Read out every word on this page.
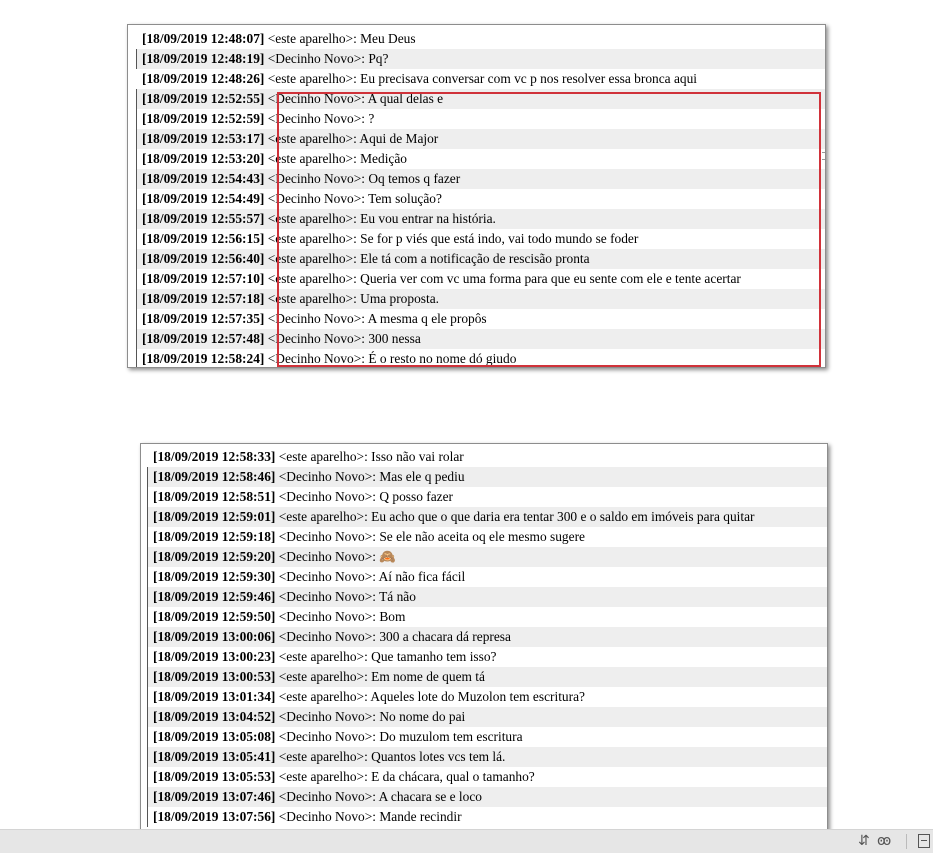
[18/09/2019 12:48:07] <este aparelho>: Meu Deus
[18/09/2019 12:48:19] <Decinho Novo>: Pq?
[18/09/2019 12:48:26] <este aparelho>: Eu precisava conversar com vc p nos resolver essa bronca aqui
[18/09/2019 12:52:55] <Decinho Novo>: A qual delas e
[18/09/2019 12:52:59] <Decinho Novo>: ?
[18/09/2019 12:53:17] <este aparelho>: Aqui de Major
[18/09/2019 12:53:20] <este aparelho>: Medição
[18/09/2019 12:54:43] <Decinho Novo>: Oq temos q fazer
[18/09/2019 12:54:49] <Decinho Novo>: Tem solução?
[18/09/2019 12:55:57] <este aparelho>: Eu vou entrar na história.
[18/09/2019 12:56:15] <este aparelho>: Se for p viés que está indo, vai todo mundo se foder
[18/09/2019 12:56:40] <este aparelho>: Ele tá com a notificação de rescisão pronta
[18/09/2019 12:57:10] <este aparelho>: Queria ver com vc uma forma para que eu sente com ele e tente acertar
[18/09/2019 12:57:18] <este aparelho>: Uma proposta.
[18/09/2019 12:57:35] <Decinho Novo>: A mesma q ele propôs
[18/09/2019 12:57:48] <Decinho Novo>: 300 nessa
[18/09/2019 12:58:24] <Decinho Novo>: É o resto no nome dó giudo
[18/09/2019 12:58:33] <este aparelho>: Isso não vai rolar
[18/09/2019 12:58:46] <Decinho Novo>: Mas ele q pediu
[18/09/2019 12:58:51] <Decinho Novo>: Q posso fazer
[18/09/2019 12:59:01] <este aparelho>: Eu acho que o que daria era tentar 300 e o saldo em imóveis para quitar
[18/09/2019 12:59:18] <Decinho Novo>: Se ele não aceita oq ele mesmo sugere
[18/09/2019 12:59:20] <Decinho Novo>: 🙈
[18/09/2019 12:59:30] <Decinho Novo>: Aí não fica fácil
[18/09/2019 12:59:46] <Decinho Novo>: Tá não
[18/09/2019 12:59:50] <Decinho Novo>: Bom
[18/09/2019 13:00:06] <Decinho Novo>: 300 a chacara dá represa
[18/09/2019 13:00:23] <este aparelho>: Que tamanho tem isso?
[18/09/2019 13:00:53] <este aparelho>: Em nome de quem tá
[18/09/2019 13:01:34] <este aparelho>: Aqueles lote do Muzolon tem escritura?
[18/09/2019 13:04:52] <Decinho Novo>: No nome do pai
[18/09/2019 13:05:08] <Decinho Novo>: Do muzulom tem escritura
[18/09/2019 13:05:41] <este aparelho>: Quantos lotes vcs tem lá.
[18/09/2019 13:05:53] <este aparelho>: E da chácara, qual o tamanho?
[18/09/2019 13:07:46] <Decinho Novo>: A chacara se e loco
[18/09/2019 13:07:56] <Decinho Novo>: Mande recindir
⇵ ꙭ
